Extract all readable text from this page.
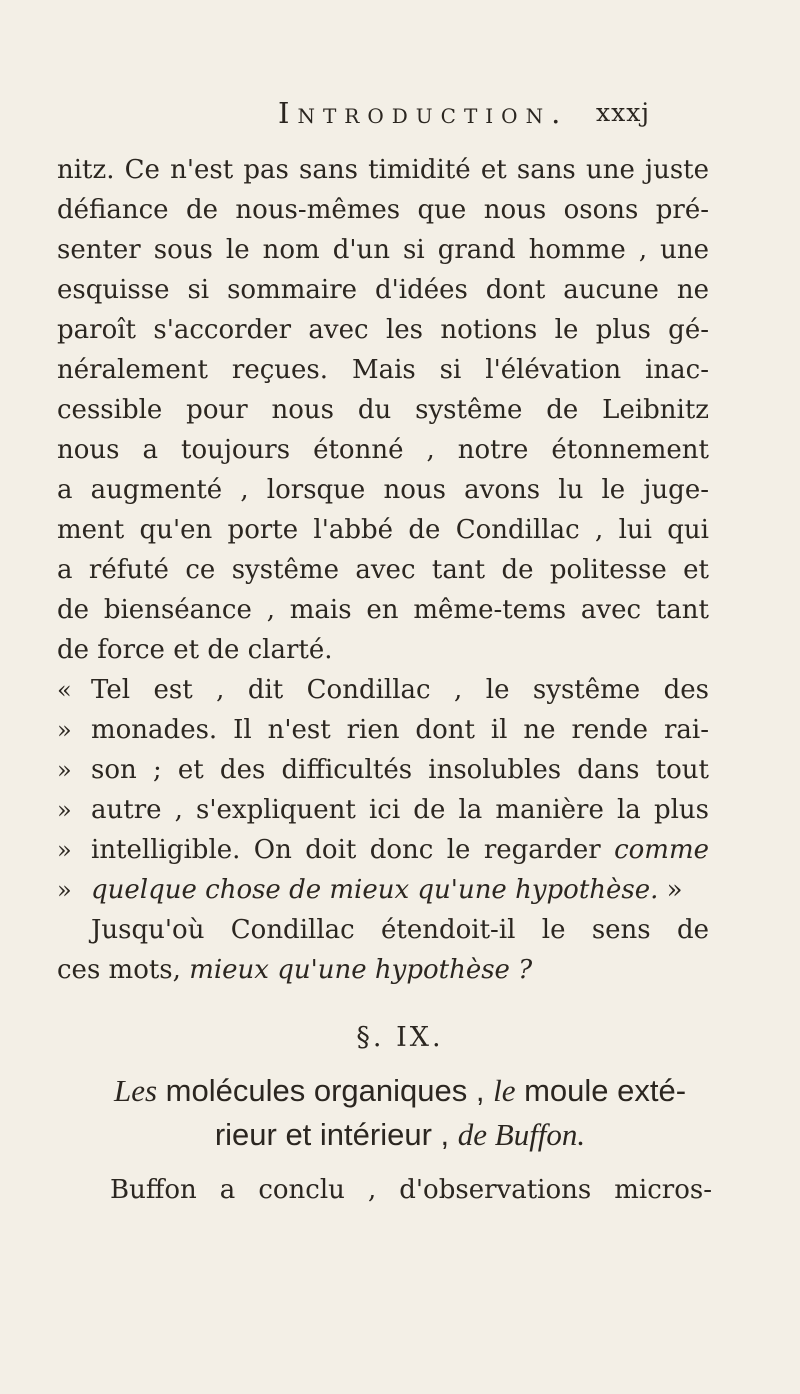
Introduction. xxxj
nitz. Ce n'est pas sans timidité et sans une juste
défiance de nous-mêmes que nous osons pré-
senter sous le nom d'un si grand homme , une
esquisse si sommaire d'idées dont aucune ne
paroît s'accorder avec les notions le plus gé-
néralement reçues. Mais si l'élévation inac-
cessible pour nous du systême de Leibnitz
nous a toujours étonné , notre étonnement
a augmenté , lorsque nous avons lu le juge-
ment qu'en porte l'abbé de Condillac , lui qui
a réfuté ce systême avec tant de politesse et
de bienséance , mais en même-tems avec tant
de force et de clarté.
« Tel est , dit Condillac , le systême des
» monades. Il n'est rien dont il ne rende rai-
» son ; et des difficultés insolubles dans tout
» autre , s'expliquent ici de la manière la plus
» intelligible. On doit donc le regarder comme
» quelque chose de mieux qu'une hypothèse. »
Jusqu'où Condillac étendoit-il le sens de
ces mots, mieux qu'une hypothèse ?
§. IX.
Les molécules organiques , le moule exté-
rieur et intérieur , de Buffon.
Buffon a conclu , d'observations micros-
